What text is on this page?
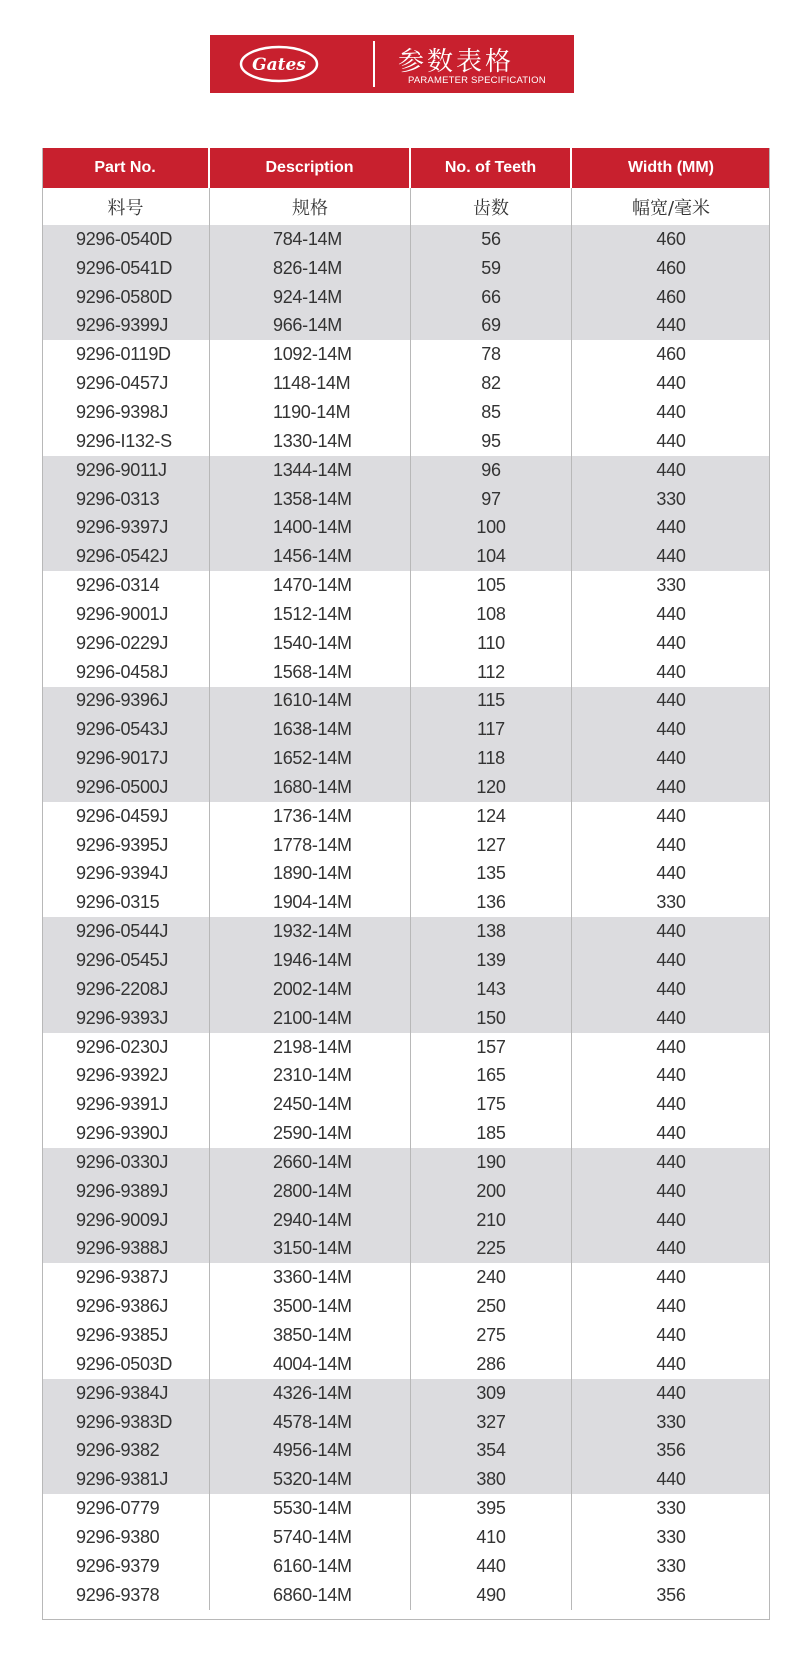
Gates	参数表格
PARAMETER SPECIFICATION
Part No.	Description	No. of Teeth	Width (MM)
料号	规格	齿数	幅宽/毫米
9296-0540D	784-14M	56	460
9296-0541D	826-14M	59	460
9296-0580D	924-14M	66	460
9296-9399J	966-14M	69	440
9296-0119D	1092-14M	78	460
9296-0457J	1148-14M	82	440
9296-9398J	1190-14M	85	440
9296-I132-S	1330-14M	95	440
9296-9011J	1344-14M	96	440
9296-0313	1358-14M	97	330
9296-9397J	1400-14M	100	440
9296-0542J	1456-14M	104	440
9296-0314	1470-14M	105	330
9296-9001J	1512-14M	108	440
9296-0229J	1540-14M	110	440
9296-0458J	1568-14M	112	440
9296-9396J	1610-14M	115	440
9296-0543J	1638-14M	117	440
9296-9017J	1652-14M	118	440
9296-0500J	1680-14M	120	440
9296-0459J	1736-14M	124	440
9296-9395J	1778-14M	127	440
9296-9394J	1890-14M	135	440
9296-0315	1904-14M	136	330
9296-0544J	1932-14M	138	440
9296-0545J	1946-14M	139	440
9296-2208J	2002-14M	143	440
9296-9393J	2100-14M	150	440
9296-0230J	2198-14M	157	440
9296-9392J	2310-14M	165	440
9296-9391J	2450-14M	175	440
9296-9390J	2590-14M	185	440
9296-0330J	2660-14M	190	440
9296-9389J	2800-14M	200	440
9296-9009J	2940-14M	210	440
9296-9388J	3150-14M	225	440
9296-9387J	3360-14M	240	440
9296-9386J	3500-14M	250	440
9296-9385J	3850-14M	275	440
9296-0503D	4004-14M	286	440
9296-9384J	4326-14M	309	440
9296-9383D	4578-14M	327	330
9296-9382	4956-14M	354	356
9296-9381J	5320-14M	380	440
9296-0779	5530-14M	395	330
9296-9380	5740-14M	410	330
9296-9379	6160-14M	440	330
9296-9378	6860-14M	490	356
